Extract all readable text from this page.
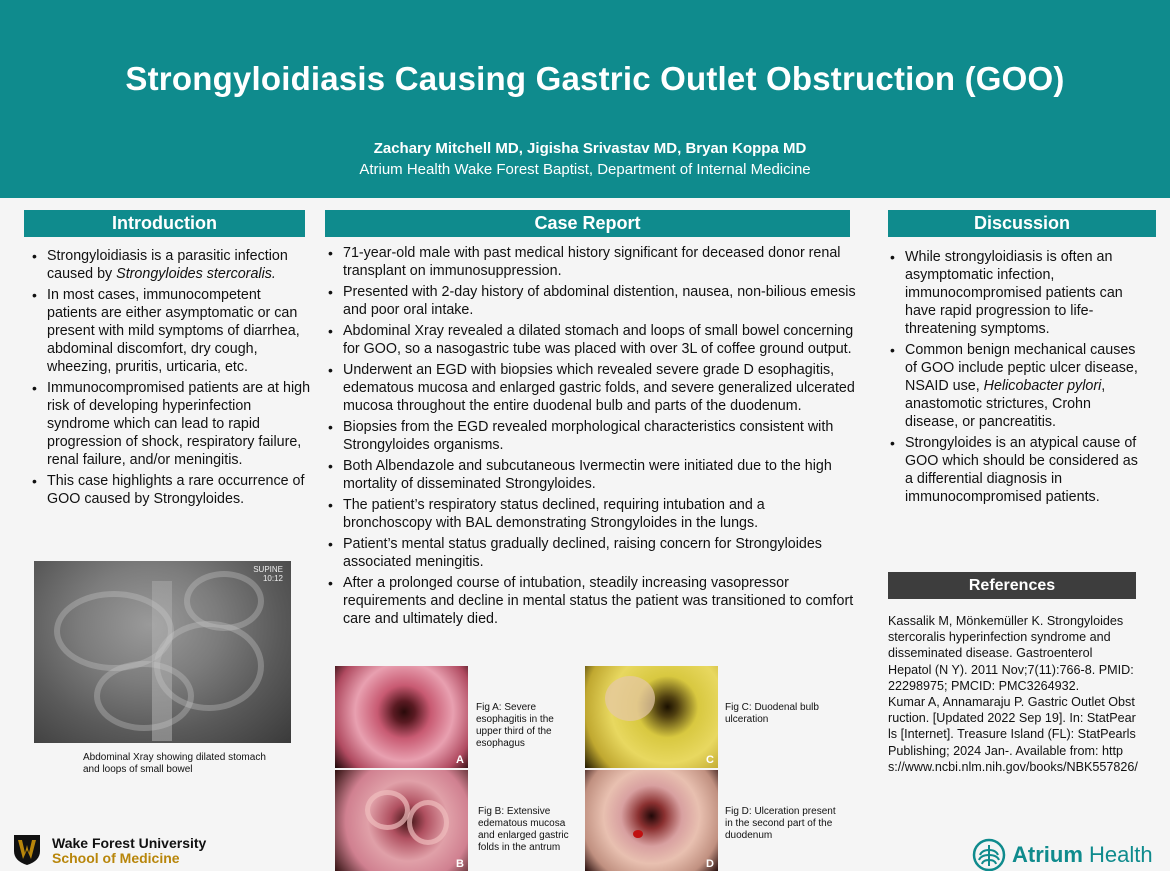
Strongyloidiasis Causing Gastric Outlet Obstruction (GOO)
Zachary Mitchell MD, Jigisha Srivastav MD, Bryan Koppa MD
Atrium Health Wake Forest Baptist, Department of Internal Medicine
Introduction
• Strongyloidiasis is a parasitic infection caused by Strongyloides stercoralis.
• In most cases, immunocompetent patients are either asymptomatic or can present with mild symptoms of diarrhea, abdominal discomfort, dry cough, wheezing, pruritis, urticaria, etc.
• Immunocompromised patients are at high risk of developing hyperinfection syndrome which can lead to rapid progression of shock, respiratory failure, renal failure, and/or meningitis.
• This case highlights a rare occurrence of GOO caused by Strongyloides.
SUPINE
10:12
Abdominal Xray showing dilated stomach and loops of small bowel
Case Report
• 71-year-old male with past medical history significant for deceased donor renal transplant on immunosuppression.
• Presented with 2-day history of abdominal distention, nausea, non-bilious emesis and poor oral intake.
• Abdominal Xray revealed a dilated stomach and loops of small bowel concerning for GOO, so a nasogastric tube was placed with over 3L of coffee ground output.
• Underwent an EGD with biopsies which revealed severe grade D esophagitis, edematous mucosa and enlarged gastric folds, and severe generalized ulcerated mucosa throughout the entire duodenal bulb and parts of the duodenum.
• Biopsies from the EGD revealed morphological characteristics consistent with Strongyloides organisms.
• Both Albendazole and subcutaneous Ivermectin were initiated due to the high mortality of disseminated Strongyloides.
• The patient’s respiratory status declined, requiring intubation and a bronchoscopy with BAL demonstrating Strongyloides in the lungs.
• Patient’s mental status gradually declined, raising concern for Strongyloides associated meningitis.
• After a prolonged course of intubation, steadily increasing vasopressor requirements and decline in mental status the patient was transitioned to comfort care and ultimately died.
A
Fig A: Severe esophagitis in the upper third of the esophagus
B
Fig B: Extensive edematous mucosa and enlarged gastric folds in the antrum
C
Fig C: Duodenal bulb ulceration
D
Fig D: Ulceration present in the second part of the duodenum
Discussion
• While strongyloidiasis is often an asymptomatic infection, immunocompromised patients can have rapid progression to life-threatening symptoms.
• Common benign mechanical causes of GOO include peptic ulcer disease, NSAID use, Helicobacter pylori, anastomotic strictures, Crohn disease, or pancreatitis.
• Strongyloides is an atypical cause of GOO which should be considered as a differential diagnosis in immunocompromised patients.
References

Kassalik M, Mönkemüller K. Strongyloides stercoralis hyperinfection syndrome and disseminated disease. Gastroenterol Hepatol (N Y). 2011 Nov;7(11):766-8. PMID: 22298975; PMCID: PMC3264932.

Kumar A, Annamaraju P. Gastric Outlet Obstruction. [Updated 2022 Sep 19]. In: StatPearls [Internet]. Treasure Island (FL): StatPearls Publishing; 2024 Jan-. Available from: https://www.ncbi.nlm.nih.gov/books/NBK557826/

Wake Forest University
School of Medicine	Atrium Health
